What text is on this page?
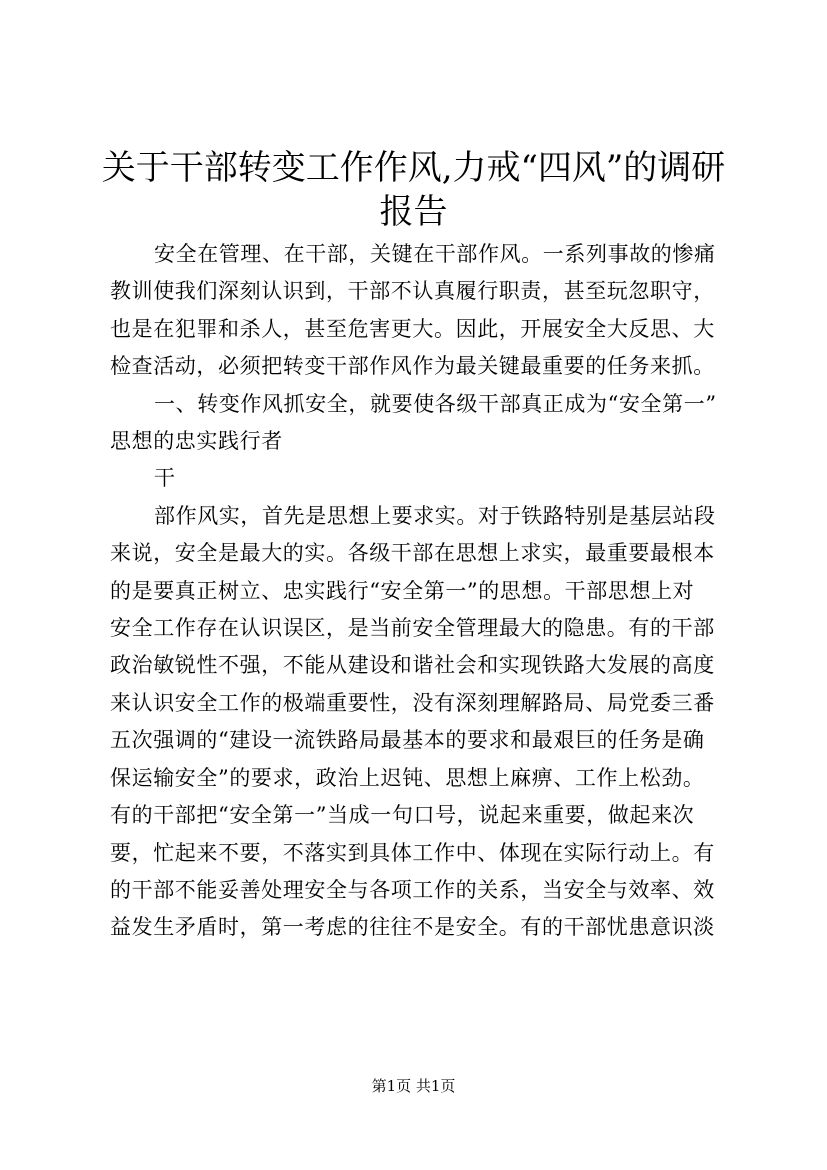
关于干部转变工作作风,力戒“四风”的调研
报告
安全在管理、在干部，关键在干部作风。一系列事故的惨痛
教训使我们深刻认识到，干部不认真履行职责，甚至玩忽职守，
也是在犯罪和杀人，甚至危害更大。因此，开展安全大反思、大
检查活动，必须把转变干部作风作为最关键最重要的任务来抓。
一、转变作风抓安全，就要使各级干部真正成为“安全第一”
思想的忠实践行者
干
部作风实，首先是思想上要求实。对于铁路特别是基层站段
来说，安全是最大的实。各级干部在思想上求实，最重要最根本
的是要真正树立、忠实践行“安全第一”的思想。干部思想上对
安全工作存在认识误区，是当前安全管理最大的隐患。有的干部
政治敏锐性不强，不能从建设和谐社会和实现铁路大发展的高度
来认识安全工作的极端重要性，没有深刻理解路局、局党委三番
五次强调的“建设一流铁路局最基本的要求和最艰巨的任务是确
保运输安全”的要求，政治上迟钝、思想上麻痹、工作上松劲。
有的干部把“安全第一”当成一句口号，说起来重要，做起来次
要，忙起来不要，不落实到具体工作中、体现在实际行动上。有
的干部不能妥善处理安全与各项工作的关系，当安全与效率、效
益发生矛盾时，第一考虑的往往不是安全。有的干部忧患意识淡
第1页 共1页
